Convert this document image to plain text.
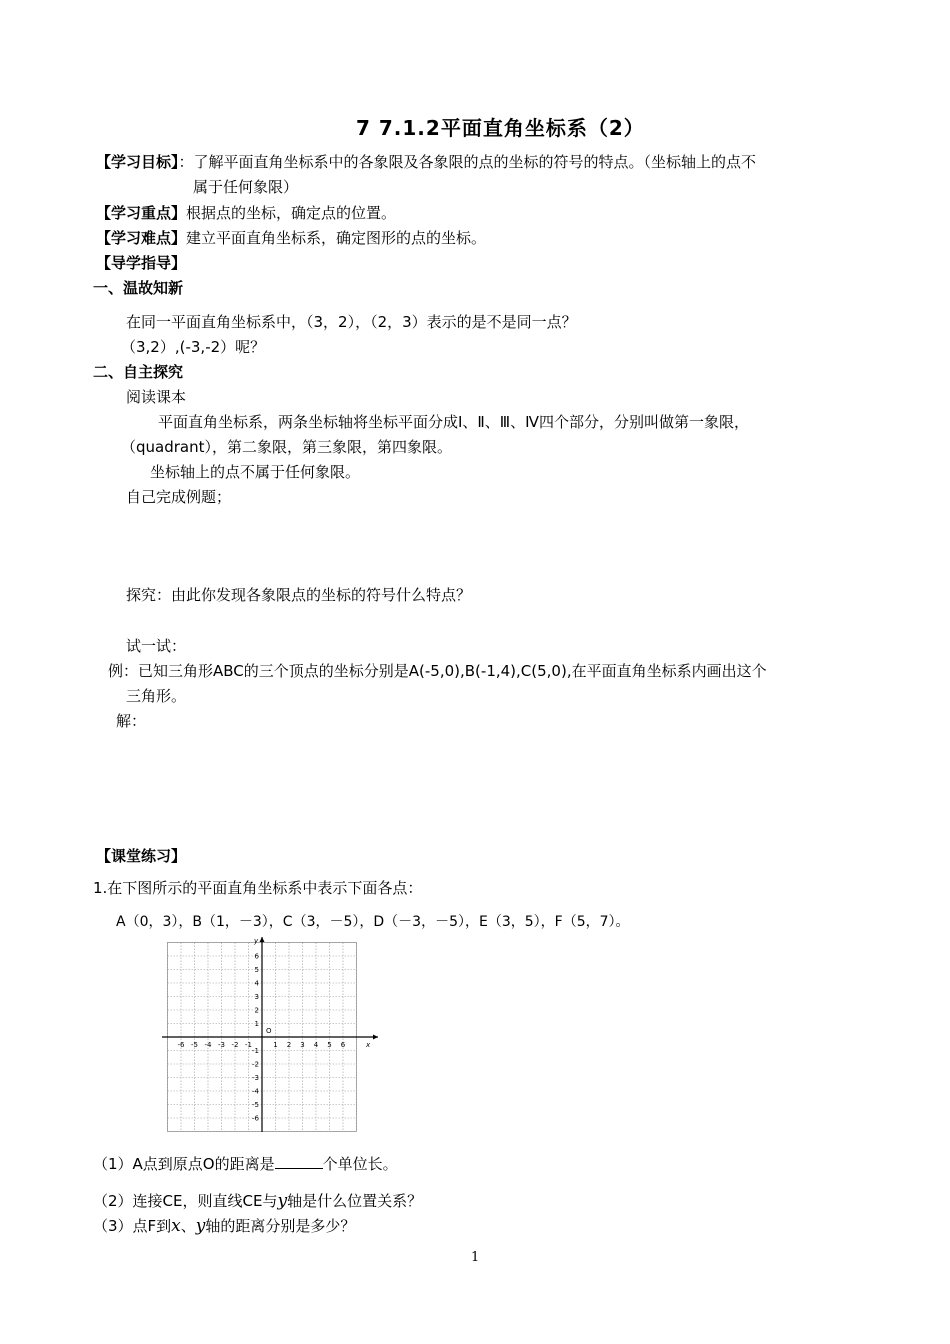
7 7.1.2平面直角坐标系（2）
【学习目标】：了解平面直角坐标系中的各象限及各象限的点的坐标的符号的特点。（坐标轴上的点不
属于任何象限）
【学习重点】根据点的坐标，确定点的位置。
【学习难点】建立平面直角坐标系，确定图形的点的坐标。
【导学指导】
一、温故知新
在同一平面直角坐标系中，（3，2），（2，3）表示的是不是同一点？
（3,2）,(-3,-2）呢？
二、自主探究
阅读课本
平面直角坐标系，两条坐标轴将坐标平面分成Ⅰ、Ⅱ、Ⅲ、Ⅳ四个部分，分别叫做第一象限，
（quadrant），第二象限，第三象限，第四象限。
坐标轴上的点不属于任何象限。
自己完成例题；
探究：由此你发现各象限点的坐标的符号什么特点？
试一试：
例：已知三角形ABC的三个顶点的坐标分别是A(-5,0),B(-1,4),C(5,0),在平面直角坐标系内画出这个
三角形。
解：
【课堂练习】
1.在下图所示的平面直角坐标系中表示下面各点：
A（0，3），B（1，－3），C（3，－5），D（－3，－5），E（3，5），F（5，7）。
x
y
O
-6 -5 -4 -3 -2 -1	1 2 3 4 5 6
6
5
4
3
2
1
-1
-2
-3
-4
-5
-6
（1）A点到原点O的距离是	个单位长。
（2）连接CE，则直线CE与y轴是什么位置关系？
（3）点F到x、y轴的距离分别是多少？
1
